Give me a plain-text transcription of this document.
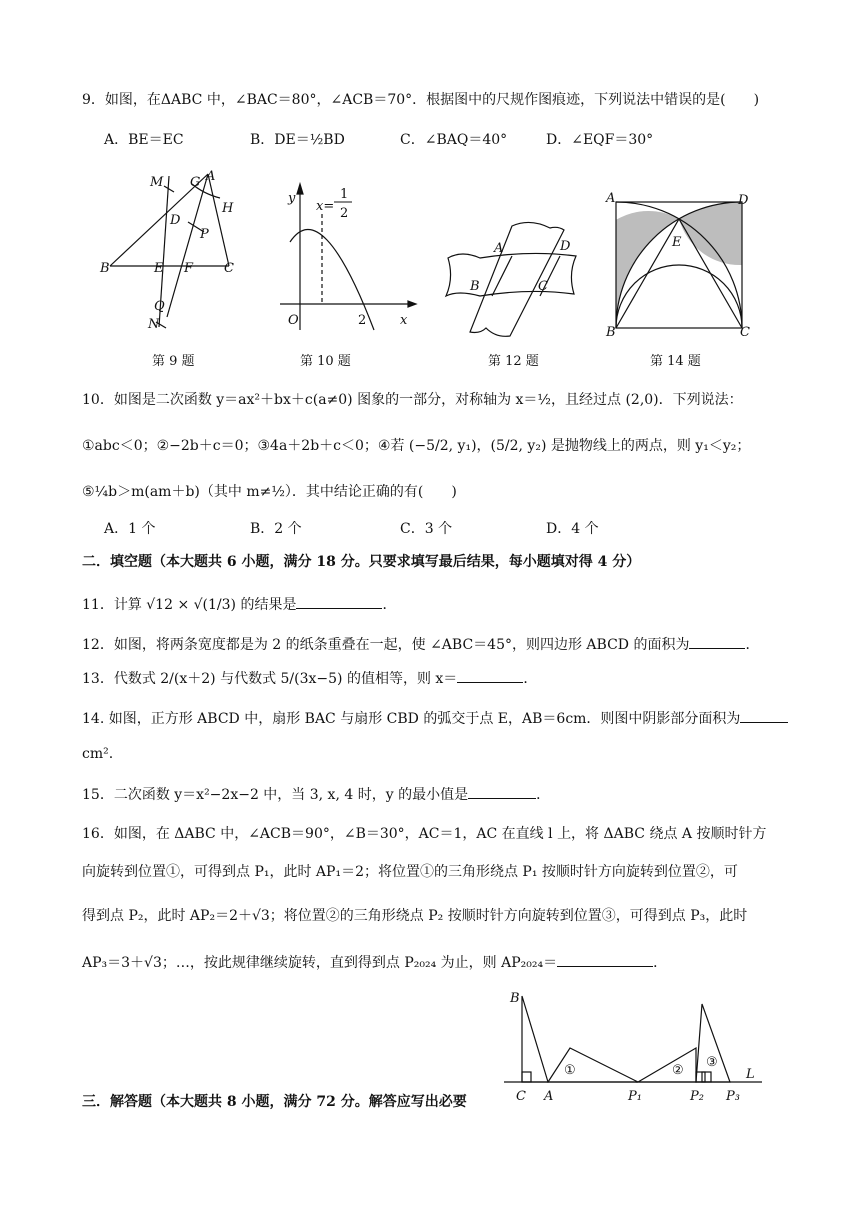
9．如图，在ΔABC 中，∠BAC＝80°，∠ACB＝70°．根据图中的尺规作图痕迹，下列说法中错误的是(　　)
A．BE＝EC	B．DE＝½BD	C．∠BAQ＝40°	D．∠EQF＝30°
M G A
H
D
P
B	E F C
Q
N
第 9 题
y
x=
1
2
O	2	x
第 10 题
A	D
B	C
第 12 题
A	D
E
B	C
第 14 题
10．如图是二次函数 y＝ax²＋bx＋c(a≠0) 图象的一部分，对称轴为 x＝½，且经过点 (2,0)．下列说法：
①abc＜0；②−2b＋c＝0；③4a＋2b＋c＜0；④若 (−5/2, y₁)，(5/2, y₂) 是抛物线上的两点，则 y₁＜y₂；
⑤¼b＞m(am＋b)（其中 m≠½）．其中结论正确的有(　　)
A．1 个	B．2 个	C．3 个	D．4 个
二．填空题（本大题共 6 小题，满分 18 分。只要求填写最后结果，每小题填对得 4 分）
11．计算 √12 × √(1/3) 的结果是	．
12．如图，将两条宽度都是为 2 的纸条重叠在一起，使 ∠ABC＝45°，则四边形 ABCD 的面积为	．
13．代数式 2/(x＋2) 与代数式 5/(3x−5) 的值相等，则 x＝	．
14. 如图，正方形 ABCD 中，扇形 BAC 与扇形 CBD 的弧交于点 E，AB＝6cm．则图中阴影部分面积为
cm².
15．二次函数 y＝x²−2x−2 中，当 3, x, 4 时，y 的最小值是	．
16．如图，在 ΔABC 中，∠ACB＝90°，∠B＝30°，AC＝1，AC 在直线 l 上，将 ΔABC 绕点 A 按顺时针方
向旋转到位置①，可得到点 P₁，此时 AP₁＝2；将位置①的三角形绕点 P₁ 按顺时针方向旋转到位置②，可
得到点 P₂，此时 AP₂＝2＋√3；将位置②的三角形绕点 P₂ 按顺时针方向旋转到位置③，可得到点 P₃，此时
AP₃＝3＋√3；…，按此规律继续旋转，直到得到点 P₂₀₂₄ 为止，则 AP₂₀₂₄＝	．
B
C A	P₁	P₂ P₃
L
①	②
③
三．解答题（本大题共 8 小题，满分 72 分。解答应写出必要
